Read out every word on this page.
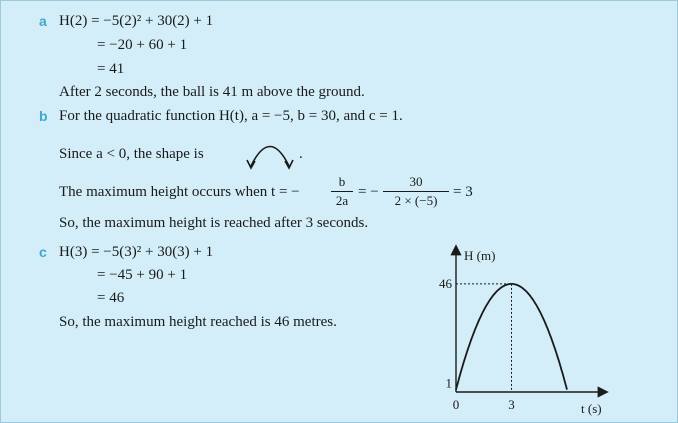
a H(2) = −5(2)² + 30(2) + 1
= −20 + 60 + 1
= 41
After 2 seconds, the ball is 41 m above the ground.
b For the quadratic function H(t), a = −5, b = 30, and c = 1.
Since a < 0, the shape is	.
The maximum height occurs when t = −
b
2a
= −
30
2 × (−5)
= 3
So, the maximum height is reached after 3 seconds.
c H(3) = −5(3)² + 30(3) + 1
= −45 + 90 + 1
= 46
So, the maximum height reached is 46 metres.
H (m)
t (s)
0	3
46
1
